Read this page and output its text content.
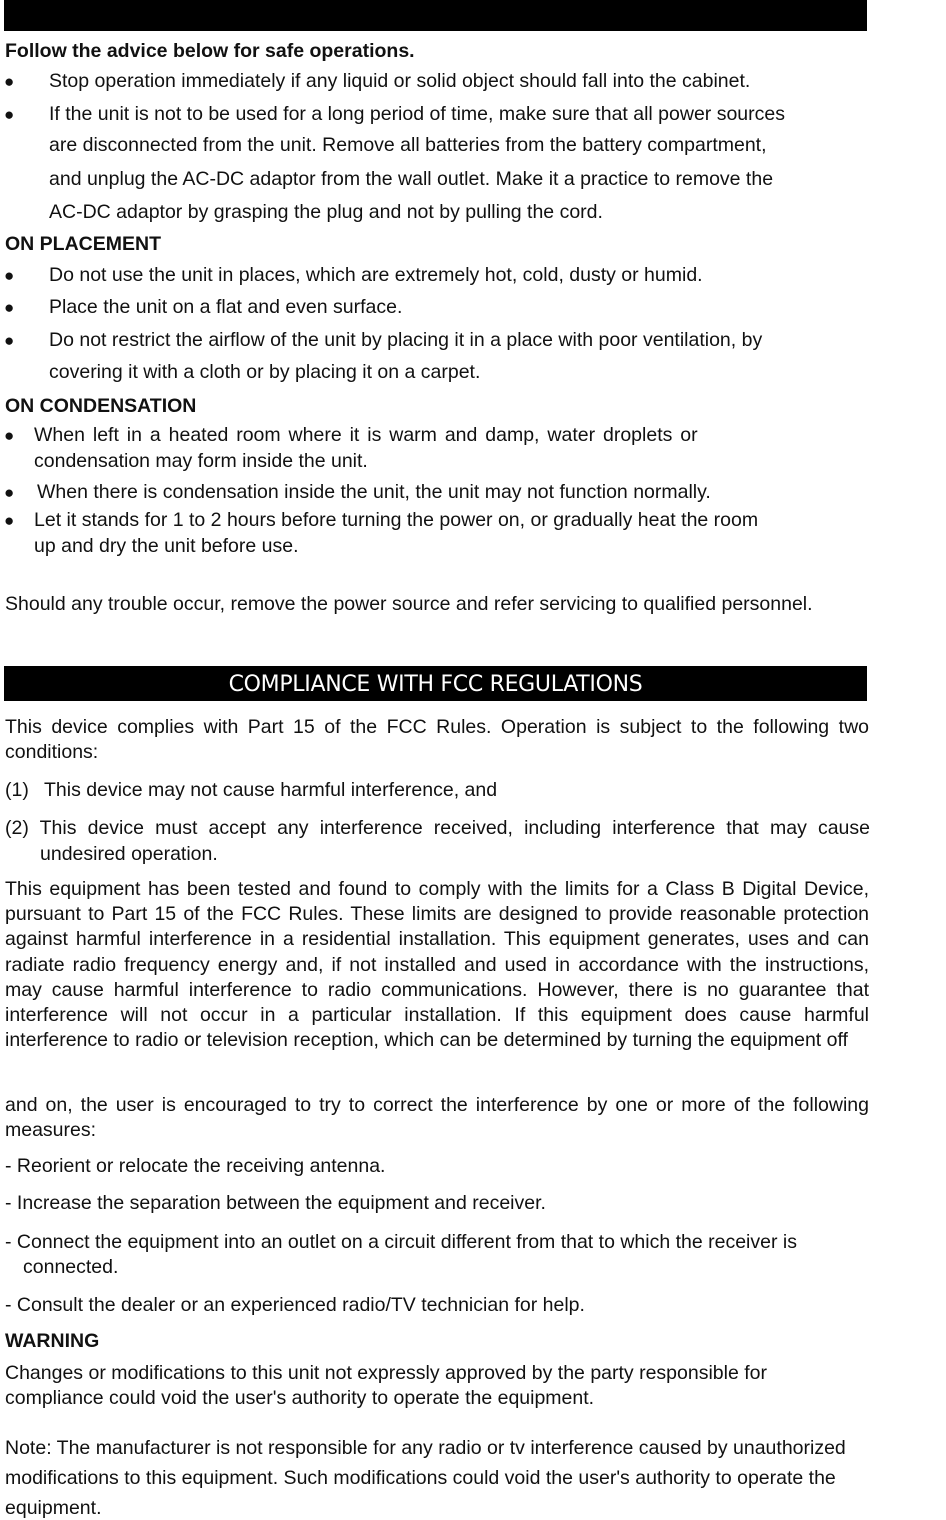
Follow the advice below for safe operations.
● Stop operation immediately if any liquid or solid object should fall into the cabinet.
● If the unit is not to be used for a long period of time, make sure that all power sources
are disconnected from the unit. Remove all batteries from the battery compartment,
and unplug the AC-DC adaptor from the wall outlet. Make it a practice to remove the
AC-DC adaptor by grasping the plug and not by pulling the cord.
ON PLACEMENT
● Do not use the unit in places, which are extremely hot, cold, dusty or humid.
● Place the unit on a flat and even surface.
● Do not restrict the airflow of the unit by placing it in a place with poor ventilation, by
covering it with a cloth or by placing it on a carpet.
ON CONDENSATION
● When left in a heated room where it is warm and damp, water droplets or
condensation may form inside the unit.
● When there is condensation inside the unit, the unit may not function normally.
● Let it stands for 1 to 2 hours before turning the power on, or gradually heat the room
up and dry the unit before use.

Should any trouble occur, remove the power source and refer servicing to qualified personnel.

COMPLIANCE WITH FCC REGULATIONS

This device complies with Part 15 of the FCC Rules. Operation is subject to the following two conditions:

(1) This device may not cause harmful interference, and

(2) This device must accept any interference received, including interference that may cause undesired operation.

This equipment has been tested and found to comply with the limits for a Class B Digital Device, pursuant to Part 15 of the FCC Rules. These limits are designed to provide reasonable protection against harmful interference in a residential installation. This equipment generates, uses and can radiate radio frequency energy and, if not installed and used in accordance with the instructions, may cause harmful interference to radio communications. However, there is no guarantee that interference will not occur in a particular installation. If this equipment does cause harmful interference to radio or television reception, which can be determined by turning the equipment off

and on, the user is encouraged to try to correct the interference by one or more of the following measures:

- Reorient or relocate the receiving antenna.
- Increase the separation between the equipment and receiver.

- Connect the equipment into an outlet on a circuit different from that to which the receiver is connected.

- Consult the dealer or an experienced radio/TV technician for help.
WARNING

Changes or modifications to this unit not expressly approved by the party responsible for compliance could void the user's authority to operate the equipment.

Note: The manufacturer is not responsible for any radio or tv interference caused by unauthorized
modifications to this equipment. Such modifications could void the user's authority to operate the
equipment.
